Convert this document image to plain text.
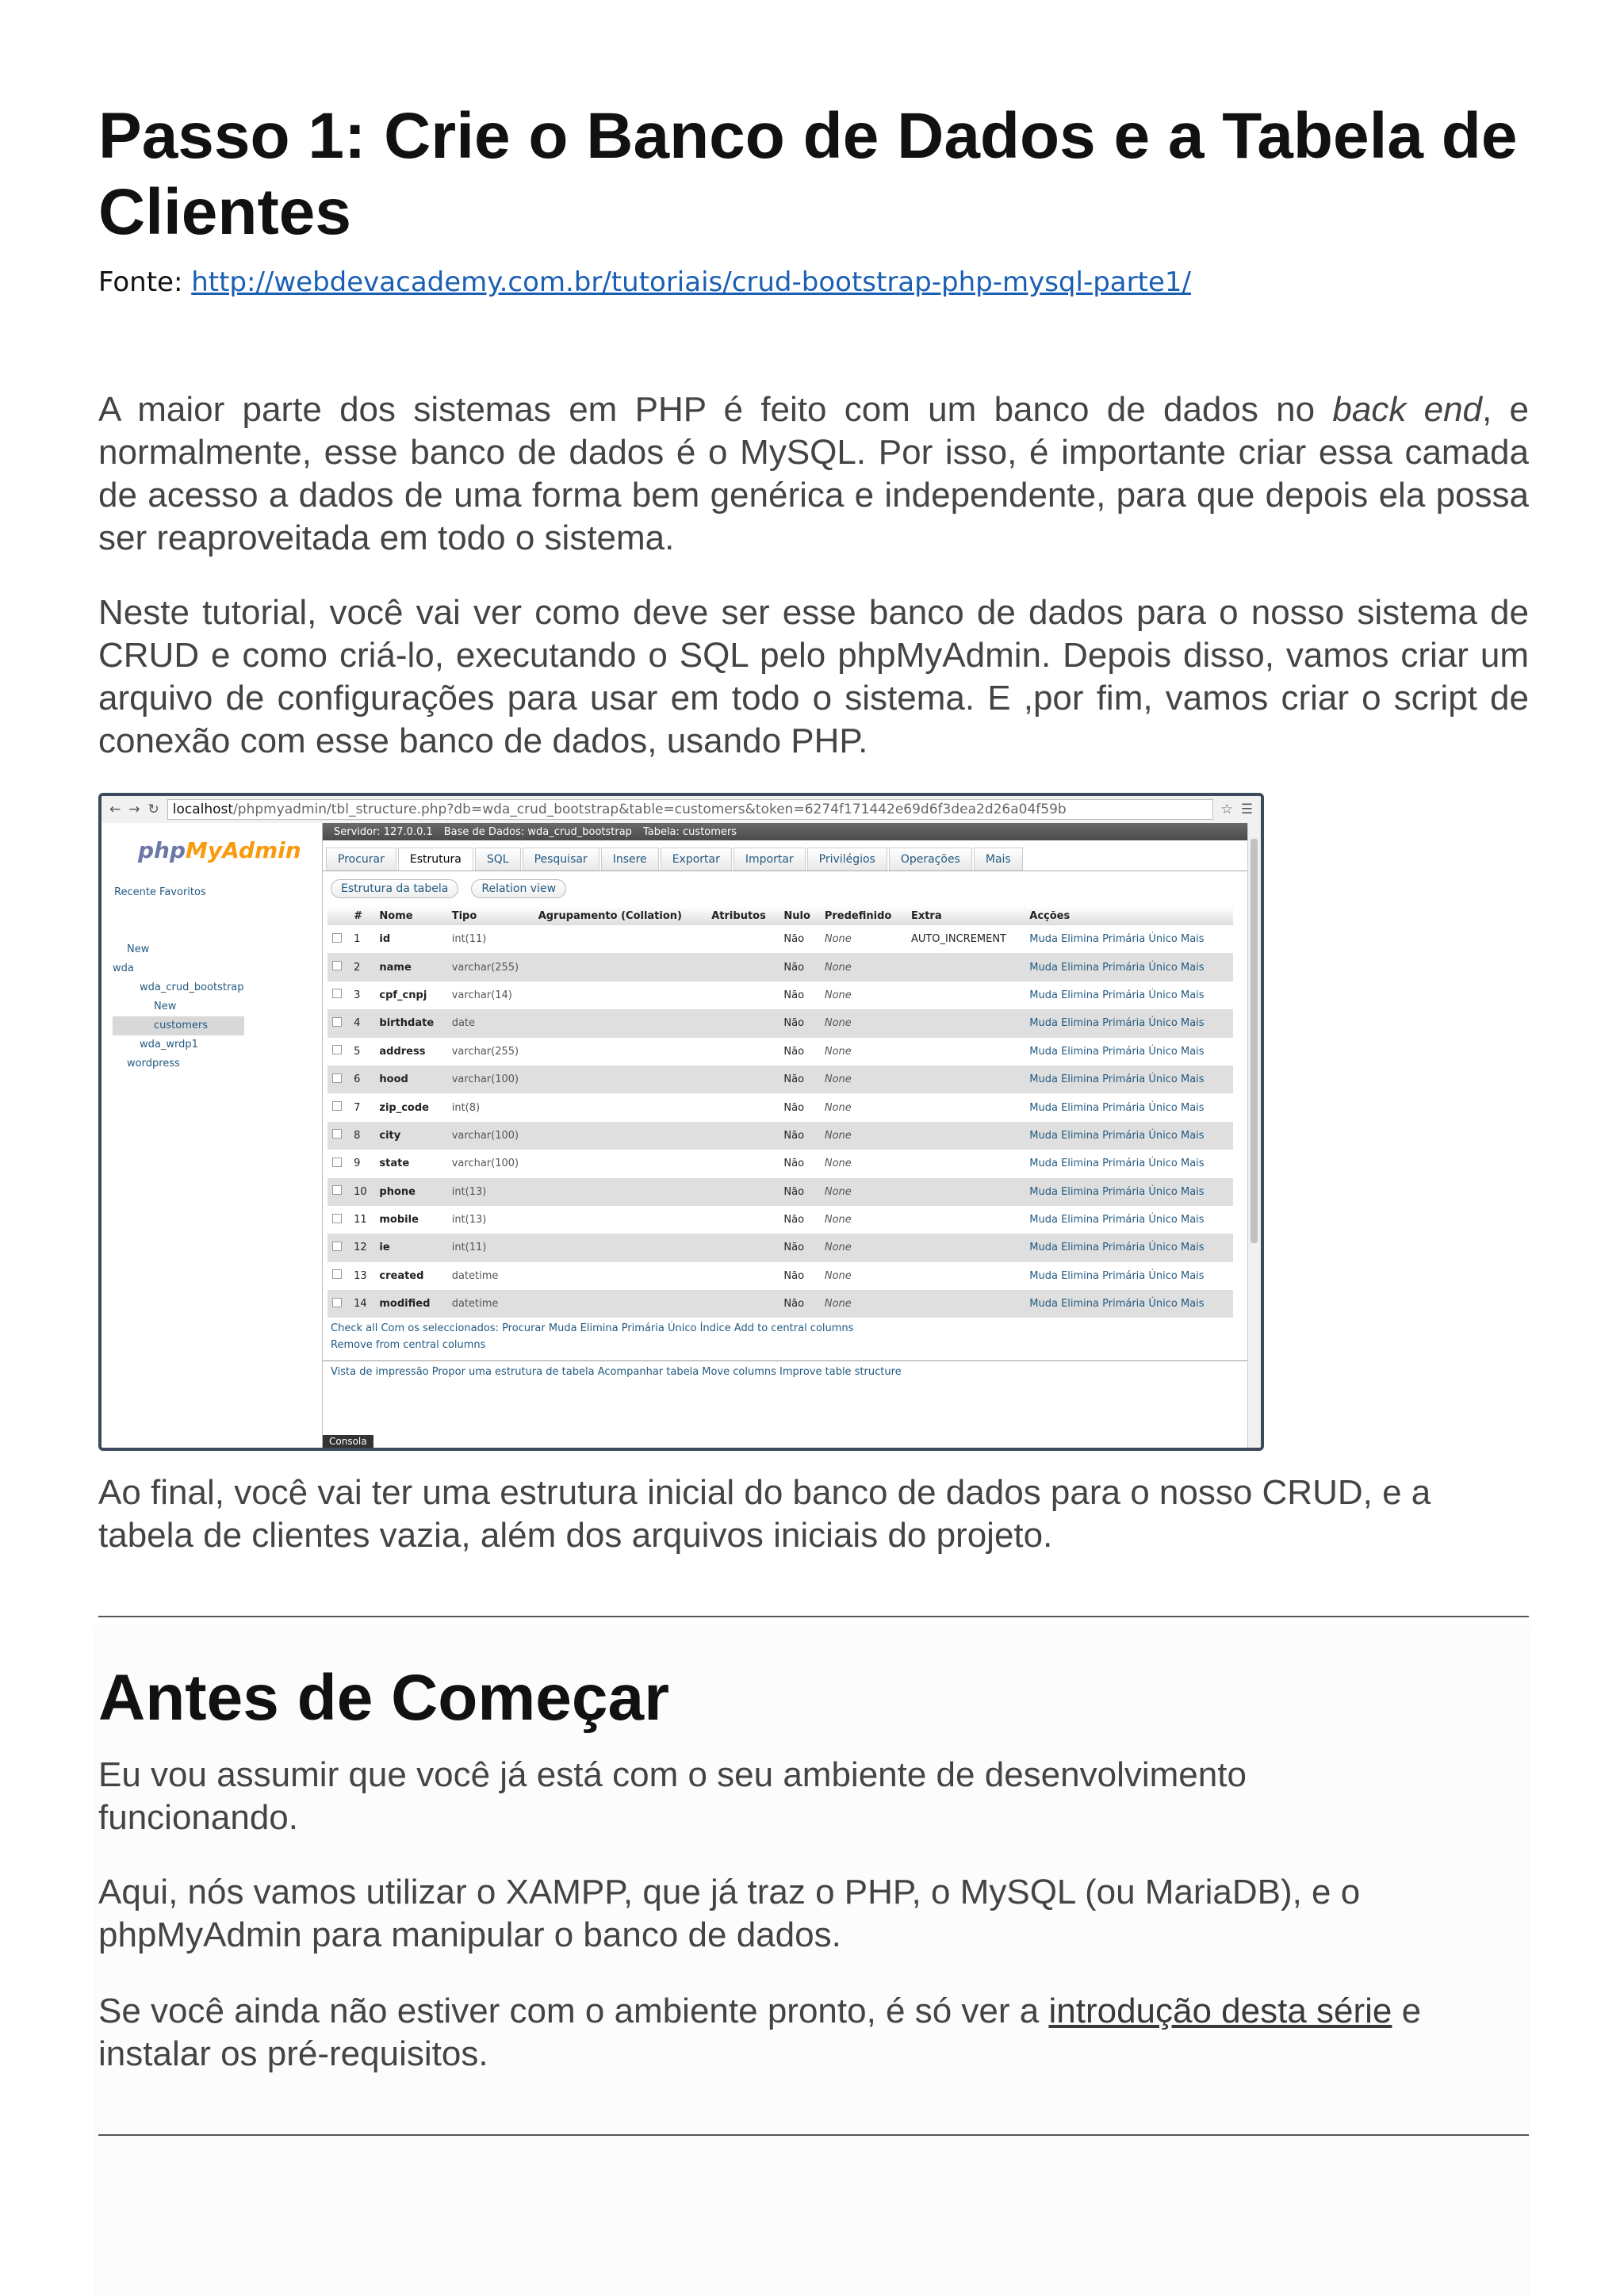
Passo 1: Crie o Banco de Dados e a Tabela de Clientes
Fonte: http://webdevacademy.com.br/tutoriais/crud-bootstrap-php-mysql-parte1/

A maior parte dos sistemas em PHP é feito com um banco de dados no back end, e normalmente, esse banco de dados é o MySQL. Por isso, é importante criar essa camada de acesso a dados de uma forma bem genérica e independente, para que depois ela possa ser reaproveitada em todo o sistema.

Neste tutorial, você vai ver como deve ser esse banco de dados para o nosso sistema de CRUD e como criá-lo, executando o SQL pelo phpMyAdmin. Depois disso, vamos criar um arquivo de configurações para usar em todo o sistema. E ,por fim, vamos criar o script de conexão com esse banco de dados, usando PHP.

← → ↻ localhost /phpmyadmin/tbl_structure.php?db=wda_crud_bootstrap&table=customers&token=6274f171442e69d6f3dea2d26a04f59b	☆ ☰
phpMyAdmin
Recente Favoritos
New
wda
wda_crud_bootstrap
New
customers
wda_wrdp1
wordpress
Servidor: 127.0.0.1 Base de Dados: wda_crud_bootstrap Tabela: customers
Procurar	Estrutura	SQL	Pesquisar	Insere	Exportar	Importar	Privilégios	Operações	Mais
Estrutura da tabela	Relation view
	#	Nome	Tipo	Agrupamento (Collation)	Atributos	Nulo	Predefinido	Extra	Acções
	1	id	int(11)			Não	None	AUTO_INCREMENT	Muda Elimina Primária Único Mais
	2	name	varchar(255)			Não	None		Muda Elimina Primária Único Mais
	3	cpf_cnpj	varchar(14)			Não	None		Muda Elimina Primária Único Mais
	4	birthdate	date			Não	None		Muda Elimina Primária Único Mais
	5	address	varchar(255)			Não	None		Muda Elimina Primária Único Mais
	6	hood	varchar(100)			Não	None		Muda Elimina Primária Único Mais
	7	zip_code	int(8)			Não	None		Muda Elimina Primária Único Mais
	8	city	varchar(100)			Não	None		Muda Elimina Primária Único Mais
	9	state	varchar(100)			Não	None		Muda Elimina Primária Único Mais
	10	phone	int(13)			Não	None		Muda Elimina Primária Único Mais
	11	mobile	int(13)			Não	None		Muda Elimina Primária Único Mais
	12	ie	int(11)			Não	None		Muda Elimina Primária Único Mais
	13	created	datetime			Não	None		Muda Elimina Primária Único Mais
	14	modified	datetime			Não	None		Muda Elimina Primária Único Mais
Check all Com os seleccionados: Procurar Muda Elimina Primária Único Índice Add to central columns
Remove from central columns
Vista de impressão Propor uma estrutura de tabela Acompanhar tabela Move columns Improve table structure
Consola

Ao final, você vai ter uma estrutura inicial do banco de dados para o nosso CRUD, e a tabela de clientes vazia, além dos arquivos iniciais do projeto.

Antes de Começar

Eu vou assumir que você já está com o seu ambiente de desenvolvimento funcionando.

Aqui, nós vamos utilizar o XAMPP, que já traz o PHP, o MySQL (ou MariaDB), e o phpMyAdmin para manipular o banco de dados.

Se você ainda não estiver com o ambiente pronto, é só ver a introdução desta série e instalar os pré-requisitos.
